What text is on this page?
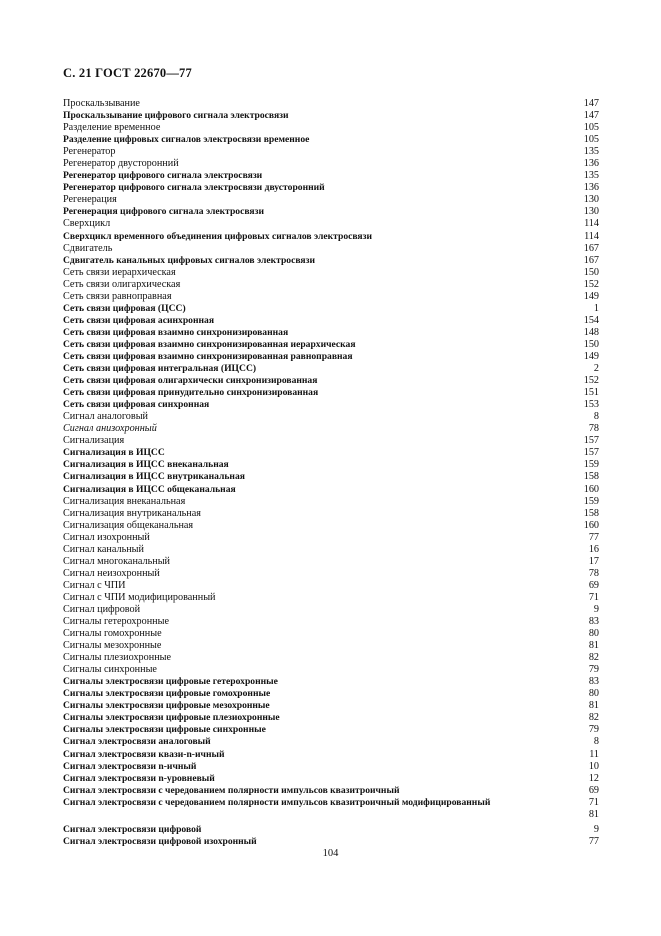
С. 21 ГОСТ 22670—77
Проскальзывание	147
Проскальзывание цифрового сигнала электросвязи	147
Разделение временное	105
Разделение цифровых сигналов электросвязи временное	105
Регенератор	135
Регенератор двусторонний	136
Регенератор цифрового сигнала электросвязи	135
Регенератор цифрового сигнала электросвязи двусторонний	136
Регенерация	130
Регенерация цифрового сигнала электросвязи	130
Сверхцикл	114
Сверхцикл временного объединения цифровых сигналов электросвязи	114
Сдвигатель	167
Сдвигатель канальных цифровых сигналов электросвязи	167
Сеть связи иерархическая	150
Сеть связи олигархическая	152
Сеть связи равноправная	149
Сеть связи цифровая (ЦСС)	1
Сеть связи цифровая асинхронная	154
Сеть связи цифровая взаимно синхронизированная	148
Сеть связи цифровая взаимно синхронизированная иерархическая	150
Сеть связи цифровая взаимно синхронизированная равноправная	149
Сеть связи цифровая интегральная (ИЦСС)	2
Сеть связи цифровая олигархически синхронизированная	152
Сеть связи цифровая принудительно синхронизированная	151
Сеть связи цифровая синхронная	153
Сигнал аналоговый	8
Сигнал анизохронный	78
Сигнализация	157
Сигнализация в ИЦСС	157
Сигнализация в ИЦСС внеканальная	159
Сигнализация в ИЦСС внутриканальная	158
Сигнализация в ИЦСС общеканальная	160
Сигнализация внеканальная	159
Сигнализация внутриканальная	158
Сигнализация общеканальная	160
Сигнал изохронный	77
Сигнал канальный	16
Сигнал многоканальный	17
Сигнал неизохронный	78
Сигнал с ЧПИ	69
Сигнал с ЧПИ модифицированный	71
Сигнал цифровой	9
Сигналы гетерохронные	83
Сигналы гомохронные	80
Сигналы мезохронные	81
Сигналы плезиохронные	82
Сигналы синхронные	79
Сигналы электросвязи цифровые гетерохронные	83
Сигналы электросвязи цифровые гомохронные	80
Сигналы электросвязи цифровые мезохронные	81
Сигналы электросвязи цифровые плезиохронные	82
Сигналы электросвязи цифровые синхронные	79
Сигнал электросвязи аналоговый	8
Сигнал электросвязи квази-n-ичный	11
Сигнал электросвязи n-ичный	10
Сигнал электросвязи n-уровневый	12
Сигнал электросвязи с чередованием полярности импульсов квазитроичный	69
Сигнал электросвязи с чередованием полярности импульсов квазитроичный модифицированный	71
81
Сигнал электросвязи цифровой	9
Сигнал электросвязи цифровой изохронный	77
104
